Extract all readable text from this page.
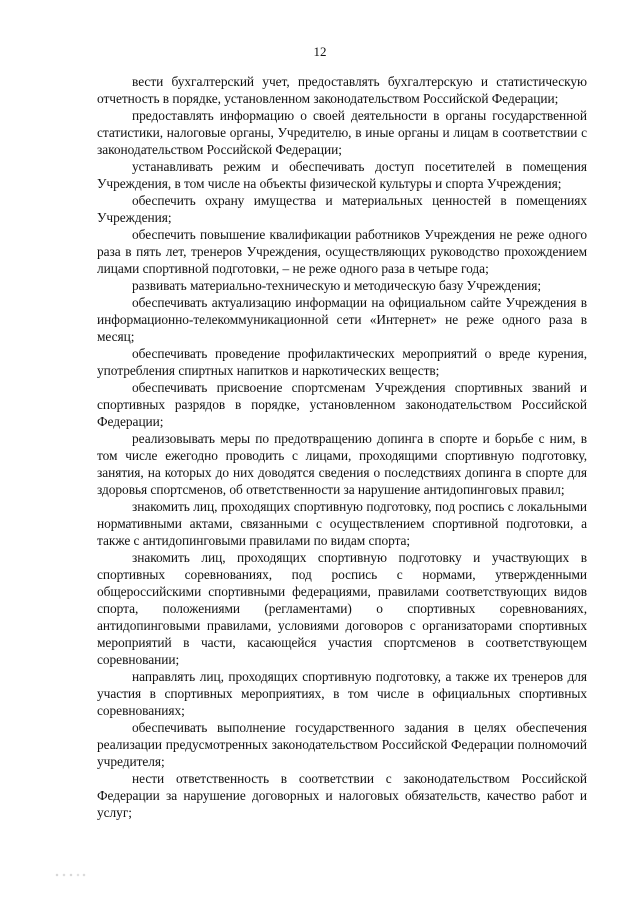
12

вести бухгалтерский учет, предоставлять бухгалтерскую и статистическую отчетность в порядке, установленном законодательством Российской Федерации;

предоставлять информацию о своей деятельности в органы государственной статистики, налоговые органы, Учредителю, в иные органы и лицам в соответствии с законодательством Российской Федерации;

устанавливать режим и обеспечивать доступ посетителей в помещения Учреждения, в том числе на объекты физической культуры и спорта Учреждения;

обеспечить охрану имущества и материальных ценностей в помещениях Учреждения;

обеспечить повышение квалификации работников Учреждения не реже одного раза в пять лет, тренеров Учреждения, осуществляющих руководство прохождением лицами спортивной подготовки, – не реже одного раза в четыре года;

развивать материально-техническую и методическую базу Учреждения;

обеспечивать актуализацию информации на официальном сайте Учреждения в информационно-телекоммуникационной сети «Интернет» не реже одного раза в месяц;

обеспечивать проведение профилактических мероприятий о вреде курения, употребления спиртных напитков и наркотических веществ;

обеспечивать присвоение спортсменам Учреждения спортивных званий и спортивных разрядов в порядке, установленном законодательством Российской Федерации;

реализовывать меры по предотвращению допинга в спорте и борьбе с ним, в том числе ежегодно проводить с лицами, проходящими спортивную подготовку, занятия, на которых до них доводятся сведения о последствиях допинга в спорте для здоровья спортсменов, об ответственности за нарушение антидопинговых правил;

знакомить лиц, проходящих спортивную подготовку, под роспись с локальными нормативными актами, связанными с осуществлением спортивной подготовки, а также с антидопинговыми правилами по видам спорта;

знакомить лиц, проходящих спортивную подготовку и участвующих в спортивных соревнованиях, под роспись с нормами, утвержденными общероссийскими спортивными федерациями, правилами соответствующих видов спорта, положениями (регламентами) о спортивных соревнованиях, антидопинговыми правилами, условиями договоров с организаторами спортивных мероприятий в части, касающейся участия спортсменов в соответствующем соревновании;

направлять лиц, проходящих спортивную подготовку, а также их тренеров для участия в спортивных мероприятиях, в том числе в официальных спортивных соревнованиях;

обеспечивать выполнение государственного задания в целях обеспечения реализации предусмотренных законодательством Российской Федерации полномочий учредителя;

нести ответственность в соответствии с законодательством Российской Федерации за нарушение договорных и налоговых обязательств, качество работ и услуг;
